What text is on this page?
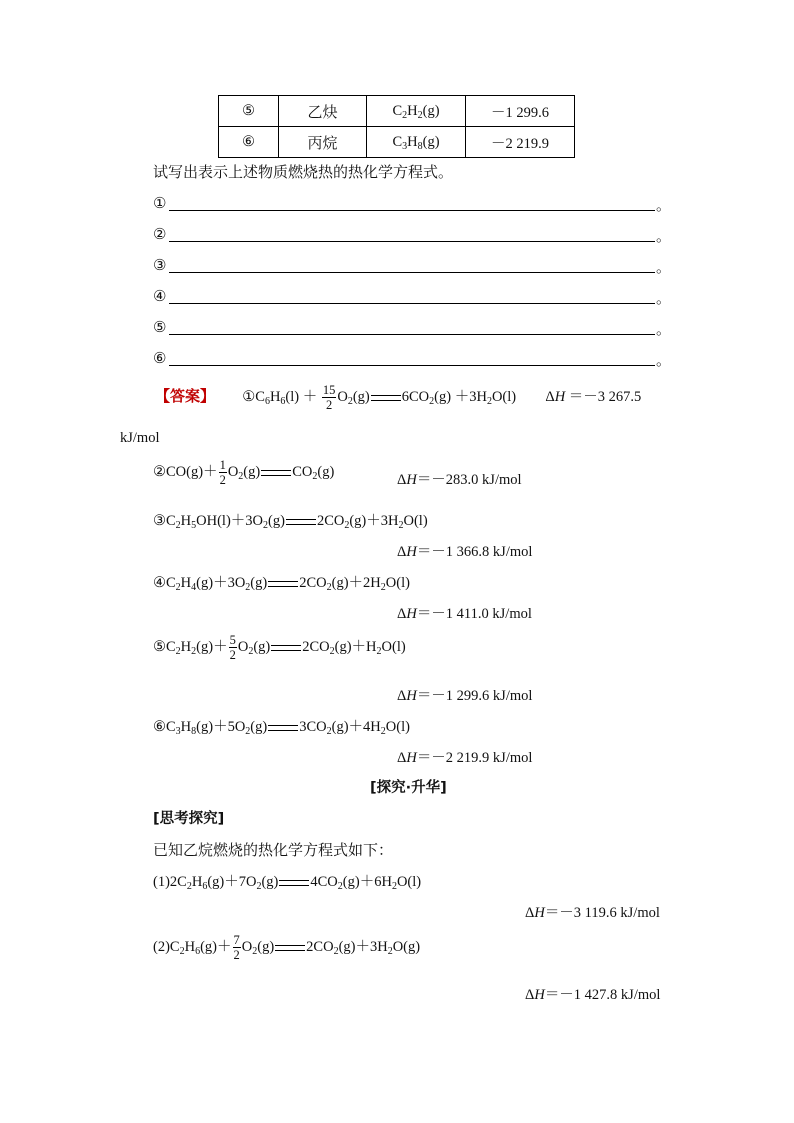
⑤	乙炔	$C_2H_2(g)$	－1 299.6
⑥	丙烷	$C_3H_8(g)$	－2 219.9
试写出表示上述物质燃烧热的热化学方程式。
①	。
②	。
③	。
④	。
⑤	。
⑥	。
【答案】 $①C_6H_6(l) + \frac{15}{2} O_2(g)$ $6CO_2(g) +3H_2O(l)$ ΔH ＝－3 267.5
kJ/mol
②CO(g)＋ $\frac{1}{2} O_2(g)$ $CO_2(g)$
ΔH＝－283.0 kJ/mol
$③C_2H_5OH(l)+3O_2(g)$ $2CO_2(g)+3H_2O(l)$
ΔH＝－1 366.8 kJ/mol
$④C_2H_4(g)+3O_2(g)$ $2CO_2(g)+2H_2O(l)$
ΔH＝－1 411.0 kJ/mol
$⑤C_2H_2(g)+ \frac{5}{2} O_2(g)$ $2CO_2(g)+H_2O(l)$
ΔH＝－1 299.6 kJ/mol
$⑥C_3H_8(g)+5O_2(g)$ $3CO_2(g)+4H_2O(l)$
ΔH＝－2 219.9 kJ/mol
[探究·升华]
[思考探究]
已知乙烷燃烧的热化学方程式如下：
$(1)2C_2H_6(g)+7O_2(g)$ $4CO_2(g)+6H_2O(l)$
ΔH＝－3 119.6 kJ/mol
$(2)C_2H_6(g)+ \frac{7}{2} O_2(g)$ $2CO_2(g)+3H_2O(g)$
ΔH＝－1 427.8 kJ/mol
